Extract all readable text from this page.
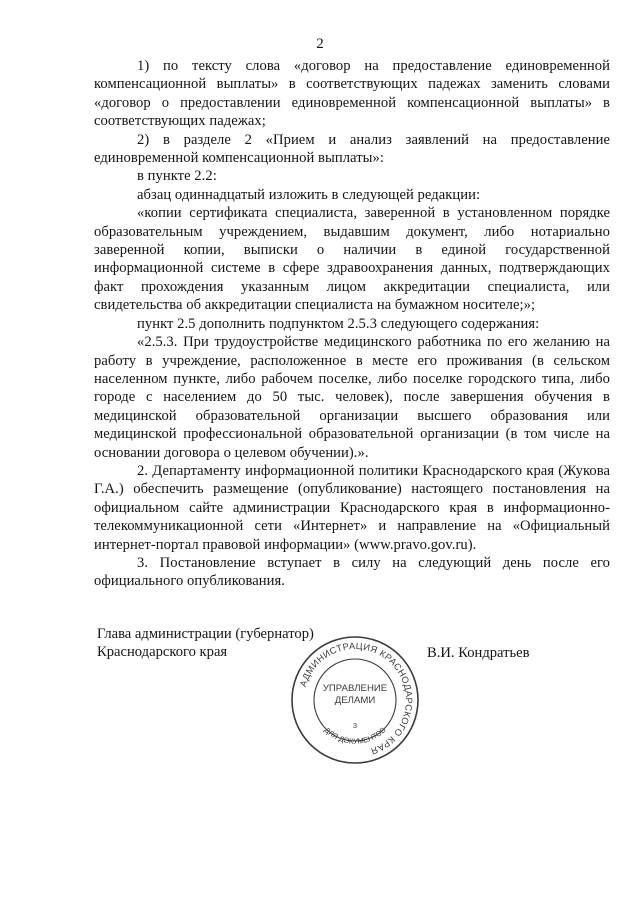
2

1) по тексту слова «договор на предоставление единовременной компенсационной выплаты» в соответствующих падежах заменить словами «договор о предоставлении единовременной компенсационной выплаты» в соответствующих падежах;

2) в разделе 2 «Прием и анализ заявлений на предоставление единовременной компенсационной выплаты»:

в пункте 2.2:

абзац одиннадцатый изложить в следующей редакции:

«копии сертификата специалиста, заверенной в установленном порядке образовательным учреждением, выдавшим документ, либо нотариально заверенной копии, выписки о наличии в единой государственной информационной системе в сфере здравоохранения данных, подтверждающих факт прохождения указанным лицом аккредитации специалиста, или свидетельства об аккредитации специалиста на бумажном носителе;»;

пункт 2.5 дополнить подпунктом 2.5.3 следующего содержания:

«2.5.3. При трудоустройстве медицинского работника по его желанию на работу в учреждение, расположенное в месте его проживания (в сельском населенном пункте, либо рабочем поселке, либо поселке городского типа, либо городе с населением до 50 тыс. человек), после завершения обучения в медицинской образовательной организации высшего образования или медицинской профессиональной образовательной организации (в том числе на основании договора о целевом обучении).».

2. Департаменту информационной политики Краснодарского края (Жукова Г.А.) обеспечить размещение (опубликование) настоящего постановления на официальном сайте администрации Краснодарского края в информационно-телекоммуникационной сети «Интернет» и направление на «Официальный интернет-портал правовой информации» (www.pravo.gov.ru).

3. Постановление вступает в силу на следующий день после его официального опубликования.

Глава администрации (губернатор)
Краснодарского края	В.И. Кондратьев
АДМИНИСТРАЦИЯ КРАСНОДАРСКОГО КРАЯ
ДЛЯ ДОКУМЕНТОВ
УПРАВЛЕНИЕ
ДЕЛАМИ
3
